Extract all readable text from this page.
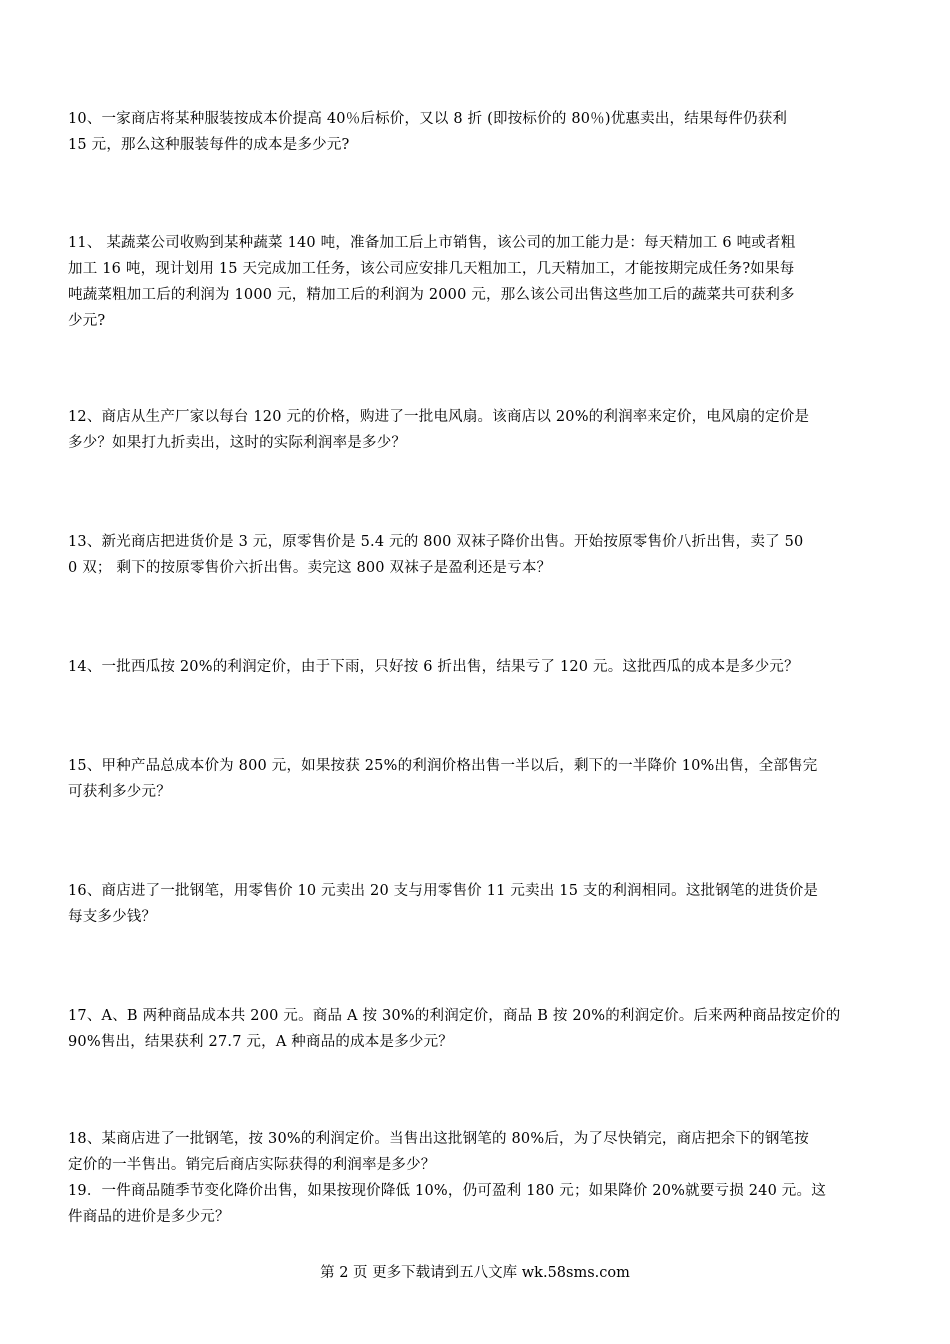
10、一家商店将某种服装按成本价提高 40％后标价，又以 8 折 (即按标价的 80％)优惠卖出，结果每件仍获利

15 元，那么这种服装每件的成本是多少元?

11、 某蔬菜公司收购到某种蔬菜 140 吨，准备加工后上市销售，该公司的加工能力是：每天精加工 6 吨或者粗

加工 16 吨，现计划用 15 天完成加工任务，该公司应安排几天粗加工，几天精加工，才能按期完成任务?如果每

吨蔬菜粗加工后的利润为 1000 元，精加工后的利润为 2000 元，那么该公司出售这些加工后的蔬菜共可获利多

少元?

12、商店从生产厂家以每台 120 元的价格，购进了一批电风扇。该商店以 20%的利润率来定价，电风扇的定价是

多少？如果打九折卖出，这时的实际利润率是多少？

13、新光商店把进货价是 3 元，原零售价是 5.4 元的 800 双袜子降价出售。开始按原零售价八折出售，卖了 50

0 双； 剩下的按原零售价六折出售。卖完这 800 双袜子是盈利还是亏本？

14、一批西瓜按 20%的利润定价，由于下雨，只好按 6 折出售，结果亏了 120 元。这批西瓜的成本是多少元？

15、甲种产品总成本价为 800 元，如果按获 25%的利润价格出售一半以后，剩下的一半降价 10%出售，全部售完

可获利多少元？

16、商店进了一批钢笔，用零售价 10 元卖出 20 支与用零售价 11 元卖出 15 支的利润相同。这批钢笔的进货价是

每支多少钱？

17、A、B 两种商品成本共 200 元。商品 A 按 30%的利润定价，商品 B 按 20%的利润定价。后来两种商品按定价的

90%售出，结果获利 27.7 元，A 种商品的成本是多少元？

18、某商店进了一批钢笔，按 30%的利润定价。当售出这批钢笔的 80%后，为了尽快销完，商店把余下的钢笔按

定价的一半售出。销完后商店实际获得的利润率是多少？

19．一件商品随季节变化降价出售，如果按现价降低 10%，仍可盈利 180 元；如果降价 20%就要亏损 240 元。这

件商品的进价是多少元？

第 2 页 更多下载请到五八文库 wk.58sms.com
